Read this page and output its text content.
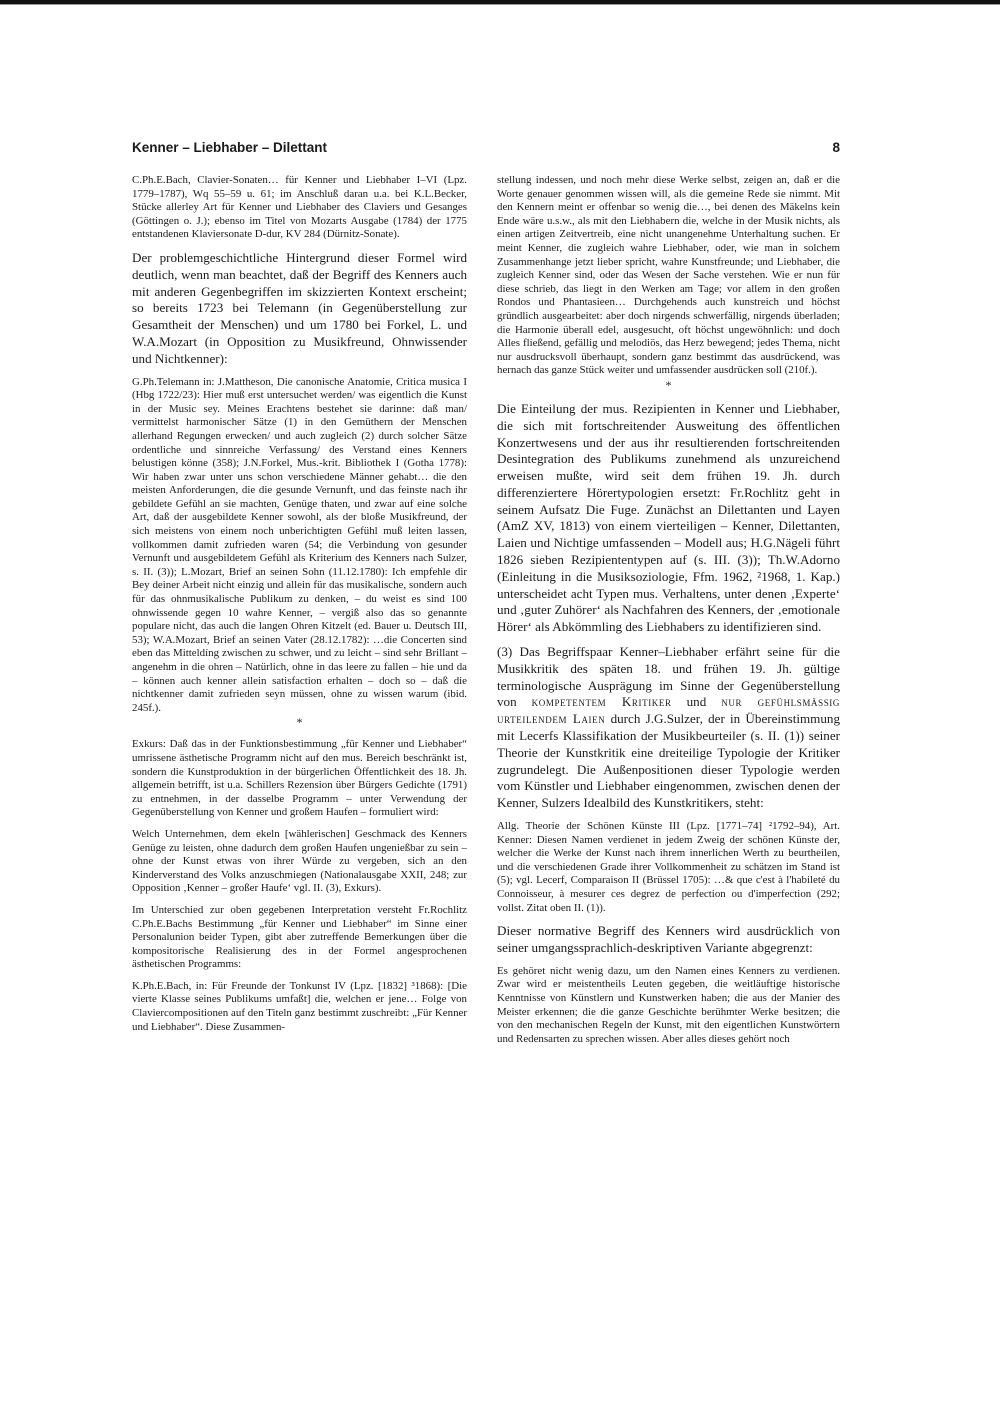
Kenner – Liebhaber – Dilettant	8

C.Ph.E.Bach, Clavier-Sonaten… für Kenner und Liebhaber I–VI (Lpz. 1779–1787), Wq 55–59 u. 61; im Anschluß daran u.a. bei K.L.Becker, Stücke allerley Art für Kenner und Liebhaber des Claviers und Gesanges (Göttingen o. J.); ebenso im Titel von Mozarts Ausgabe (1784) der 1775 entstandenen Klaviersonate D-dur, KV 284 (Dürnitz-Sonate).

Der problemgeschichtliche Hintergrund dieser Formel wird deutlich, wenn man beachtet, daß der Begriff des Kenners auch mit anderen Gegenbegriffen im skizzierten Kontext erscheint; so bereits 1723 bei Telemann (in Gegenüberstellung zur Gesamtheit der Menschen) und um 1780 bei Forkel, L. und W.A.Mozart (in Opposition zu Musikfreund, Ohnwissender und Nichtkenner):

G.Ph.Telemann in: J.Mattheson, Die canonische Anatomie, Critica musica I (Hbg 1722/23): Hier muß erst untersuchet werden/ was eigentlich die Kunst in der Music sey. Meines Erachtens bestehet sie darinne: daß man/ vermittelst harmonischer Sätze (1) in den Gemüthern der Menschen allerhand Regungen erwecken/ und auch zugleich (2) durch solcher Sätze ordentliche und sinnreiche Verfassung/ des Verstand eines Kenners belustigen könne (358); J.N.Forkel, Mus.-krit. Bibliothek I (Gotha 1778): Wir haben zwar unter uns schon verschiedene Männer gehabt… die den meisten Anforderungen, die die gesunde Vernunft, und das feinste nach ihr gebildete Gefühl an sie machten, Genüge thaten, und zwar auf eine solche Art, daß der ausgebildete Kenner sowohl, als der bloße Musikfreund, der sich meistens von einem noch unberichtigten Gefühl muß leiten lassen, vollkommen damit zufrieden waren (54; die Verbindung von gesunder Vernunft und ausgebildetem Gefühl als Kriterium des Kenners nach Sulzer, s. II. (3)); L.Mozart, Brief an seinen Sohn (11.12.1780): Ich empfehle dir Bey deiner Arbeit nicht einzig und allein für das musikalische, sondern auch für das ohnmusikalische Publikum zu denken, – du weist es sind 100 ohnwissende gegen 10 wahre Kenner, – vergiß also das so genannte populare nicht, das auch die langen Ohren Kitzelt (ed. Bauer u. Deutsch III, 53); W.A.Mozart, Brief an seinen Vater (28.12.1782): …die Concerten sind eben das Mitteldíng zwischen zu schwer, und zu leicht – sind sehr Brillant – angenehm in die ohren – Natürlich, ohne in das leere zu fallen – hie und da – können auch kenner allein satisfaction erhalten – doch so – daß die nichtkenner damit zufrieden seyn müssen, ohne zu wissen warum (ibid. 245f.).

*

Exkurs: Daß das in der Funktionsbestimmung „für Kenner und Liebhaber“ umrissene ästhetische Programm nicht auf den mus. Bereich beschränkt ist, sondern die Kunstproduktion in der bürgerlichen Öffentlichkeit des 18. Jh. allgemein betrifft, ist u.a. Schillers Rezension über Bürgers Gedichte (1791) zu entnehmen, in der dasselbe Programm – unter Verwendung der Gegenüberstellung von Kenner und großem Haufen – formuliert wird:

Welch Unternehmen, dem ekeln [wählerischen] Geschmack des Kenners Genüge zu leisten, ohne dadurch dem großen Haufen ungenießbar zu sein – ohne der Kunst etwas von ihrer Würde zu vergeben, sich an den Kinderverstand des Volks anzuschmiegen (Nationalausgabe XXII, 248; zur Opposition ‚Kenner – großer Haufe‘ vgl. II. (3), Exkurs).

Im Unterschied zur oben gegebenen Interpretation versteht Fr.Rochlitz C.Ph.E.Bachs Bestimmung „für Kenner und Liebhaber“ im Sinne einer Personalunion beider Typen, gibt aber zutreffende Bemerkungen über die kompositorische Realisierung des in der Formel angesprochenen ästhetischen Programms:

K.Ph.E.Bach, in: Für Freunde der Tonkunst IV (Lpz. [1832] ³1868): [Die vierte Klasse seines Publikums umfaßt] die, welchen er jene… Folge von Claviercompositionen auf den Titeln ganz bestimmt zuschreibt: „Für Kenner und Liebhaber“. Diese Zusammen-

stellung indessen, und noch mehr diese Werke selbst, zeigen an, daß er die Worte genauer genommen wissen will, als die gemeine Rede sie nimmt. Mit den Kennern meint er offenbar so wenig die…, bei denen des Mäkelns kein Ende wäre u.s.w., als mit den Liebhabern die, welche in der Musik nichts, als einen artigen Zeitvertreib, eine nicht unangenehme Unterhaltung suchen. Er meint Kenner, die zugleich wahre Liebhaber, oder, wie man in solchem Zusammenhange jetzt lieber spricht, wahre Kunstfreunde; und Liebhaber, die zugleich Kenner sind, oder das Wesen der Sache verstehen. Wie er nun für diese schrieb, das liegt in den Werken am Tage; vor allem in den großen Rondos und Phantasieen… Durchgehends auch kunstreich und höchst gründlich ausgearbeitet: aber doch nirgends schwerfällig, nirgends überladen; die Harmonie überall edel, ausgesucht, oft höchst ungewöhnlich: und doch Alles fließend, gefällig und melodiös, das Herz bewegend; jedes Thema, nicht nur ausdrucksvoll überhaupt, sondern ganz bestimmt das ausdrückend, was hernach das ganze Stück weiter und umfassender ausdrücken soll (210f.).

*

Die Einteilung der mus. Rezipienten in Kenner und Liebhaber, die sich mit fortschreitender Ausweitung des öffentlichen Konzertwesens und der aus ihr resultierenden fortschreitenden Desintegration des Publikums zunehmend als unzureichend erweisen mußte, wird seit dem frühen 19. Jh. durch differenziertere Hörertypologien ersetzt: Fr.Rochlitz geht in seinem Aufsatz Die Fuge. Zunächst an Dilettanten und Layen (AmZ XV, 1813) von einem vierteiligen – Kenner, Dilettanten, Laien und Nichtige umfassenden – Modell aus; H.G.Nägeli führt 1826 sieben Rezipiententypen auf (s. III. (3)); Th.W.Adorno (Einleitung in die Musiksoziologie, Ffm. 1962, ²1968, 1. Kap.) unterscheidet acht Typen mus. Verhaltens, unter denen ‚Experte‘ und ‚guter Zuhörer‘ als Nachfahren des Kenners, der ‚emotionale Hörer‘ als Abkömmling des Liebhabers zu identifizieren sind.

(3) Das Begriffspaar Kenner–Liebhaber erfährt seine für die Musikkritik des späten 18. und frühen 19. Jh. gültige terminologische Ausprägung im Sinne der Gegenüberstellung von kompetentem Kritiker und nur gefühlsmässig urteilendem Laien durch J.G.Sulzer, der in Übereinstimmung mit Lecerfs Klassifikation der Musikbeurteiler (s. II. (1)) seiner Theorie der Kunstkritik eine dreiteilige Typologie der Kritiker zugrundelegt. Die Außenpositionen dieser Typologie werden vom Künstler und Liebhaber eingenommen, zwischen denen der Kenner, Sulzers Idealbild des Kunstkritikers, steht:

Allg. Theorie der Schönen Künste III (Lpz. [1771–74] ²1792–94), Art. Kenner: Diesen Namen verdienet in jedem Zweig der schönen Künste der, welcher die Werke der Kunst nach ihrem innerlichen Werth zu beurtheilen, und die verschiedenen Grade ihrer Vollkommenheit zu schätzen im Stand ist (5); vgl. Lecerf, Comparaison II (Brüssel 1705): …& que c'est à l'habileté du Connoisseur, à mesurer ces degrez de perfection ou d'imperfection (292; vollst. Zitat oben II. (1)).

Dieser normative Begriff des Kenners wird ausdrücklich von seiner umgangssprachlich-deskriptiven Variante abgegrenzt:

Es gehöret nicht wenig dazu, um den Namen eines Kenners zu verdienen. Zwar wird er meistentheils Leuten gegeben, die weitläuftige historische Kenntnisse von Künstlern und Kunstwerken haben; die aus der Manier des Meister erkennen; die die ganze Geschichte berühmter Werke besitzen; die von den mechanischen Regeln der Kunst, mit den eigentlichen Kunstwörtern und Redensarten zu sprechen wissen. Aber alles dieses gehört noch
